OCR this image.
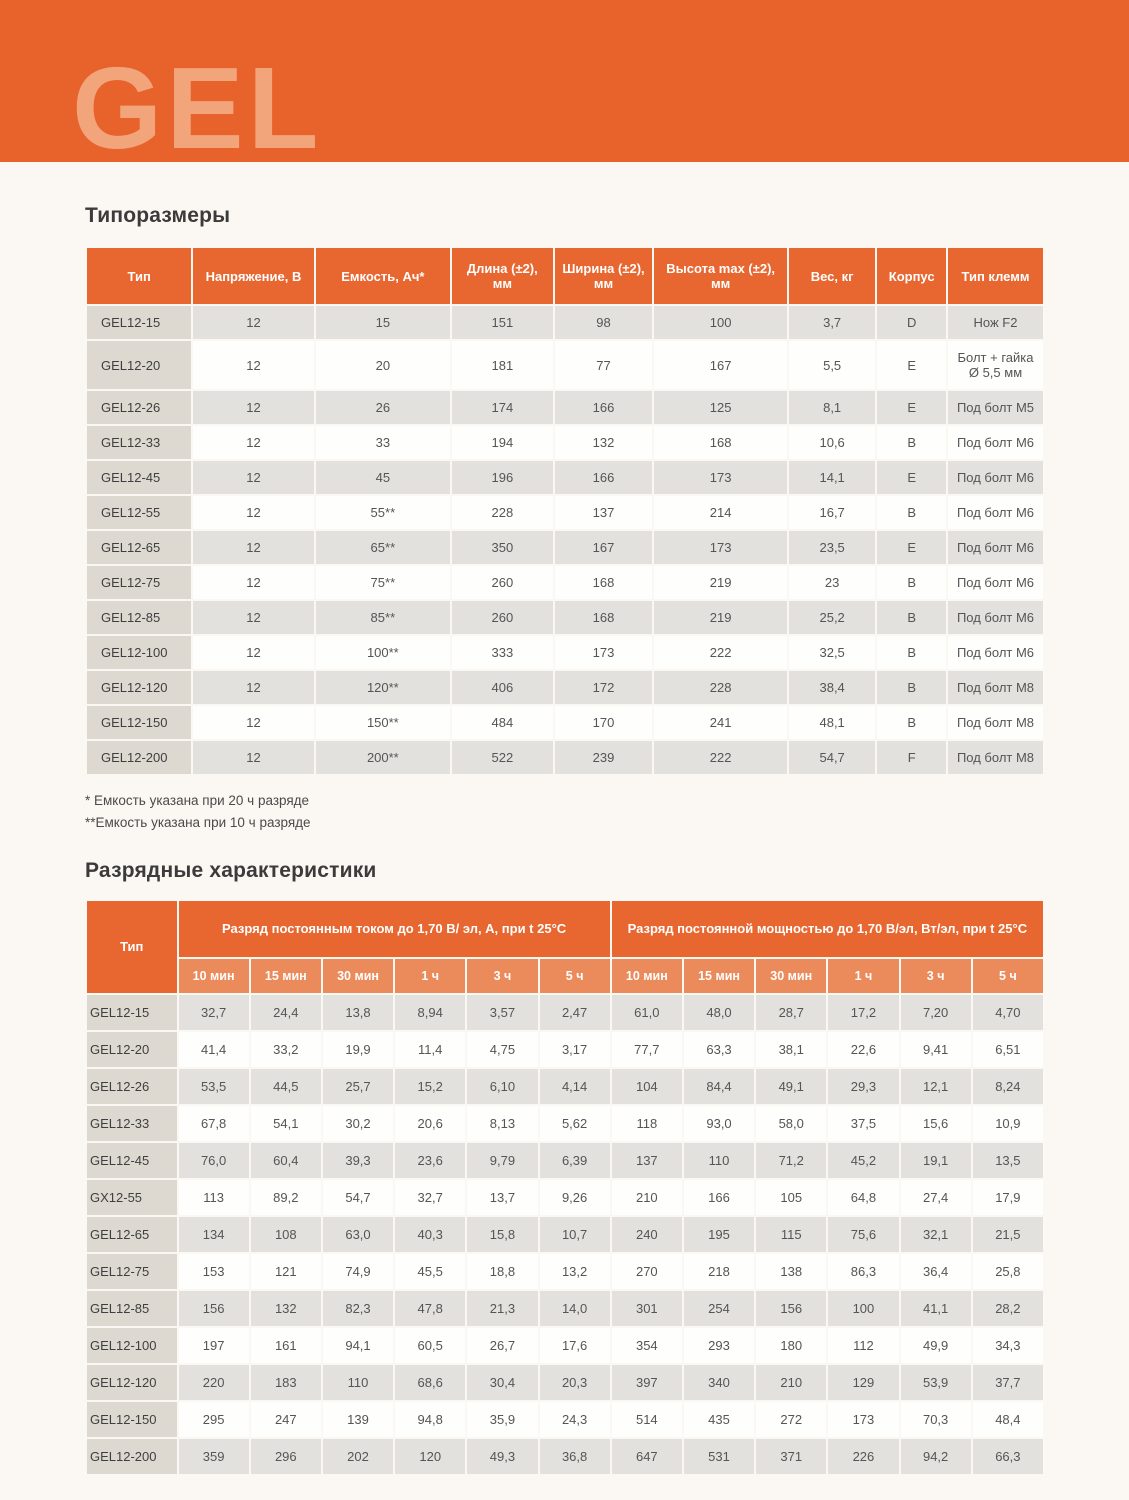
GEL
Типоразмеры
Тип	Напряжение, В	Емкость, Ач*	Длина (±2), мм	Ширина (±2), мм	Высота max (±2), мм	Вес, кг	Корпус	Тип клемм
GEL12-15	12	15	151	98	100	3,7	D	Нож F2
GEL12-20	12	20	181	77	167	5,5	E	Болт + гайка Ø 5,5 мм
GEL12-26	12	26	174	166	125	8,1	E	Под болт М5
GEL12-33	12	33	194	132	168	10,6	B	Под болт М6
GEL12-45	12	45	196	166	173	14,1	E	Под болт М6
GEL12-55	12	55**	228	137	214	16,7	B	Под болт М6
GEL12-65	12	65**	350	167	173	23,5	E	Под болт М6
GEL12-75	12	75**	260	168	219	23	B	Под болт М6
GEL12-85	12	85**	260	168	219	25,2	B	Под болт М6
GEL12-100	12	100**	333	173	222	32,5	B	Под болт М6
GEL12-120	12	120**	406	172	228	38,4	B	Под болт М8
GEL12-150	12	150**	484	170	241	48,1	B	Под болт М8
GEL12-200	12	200**	522	239	222	54,7	F	Под болт М8

* Емкость указана при 20 ч разряде

**Емкость указана при 10 ч разряде

Разрядные характеристики
Тип	Разряд постоянным током до 1,70 В/ эл, А, при t 25°C						Разряд постоянной мощностью до 1,70 В/эл, Вт/эл, при t 25°C					
	10 мин	15 мин	30 мин	1 ч	3 ч	5 ч	10 мин	15 мин	30 мин	1 ч	3 ч	5 ч
GEL12-15	32,7	24,4	13,8	8,94	3,57	2,47	61,0	48,0	28,7	17,2	7,20	4,70
GEL12-20	41,4	33,2	19,9	11,4	4,75	3,17	77,7	63,3	38,1	22,6	9,41	6,51
GEL12-26	53,5	44,5	25,7	15,2	6,10	4,14	104	84,4	49,1	29,3	12,1	8,24
GEL12-33	67,8	54,1	30,2	20,6	8,13	5,62	118	93,0	58,0	37,5	15,6	10,9
GEL12-45	76,0	60,4	39,3	23,6	9,79	6,39	137	110	71,2	45,2	19,1	13,5
GX12-55	113	89,2	54,7	32,7	13,7	9,26	210	166	105	64,8	27,4	17,9
GEL12-65	134	108	63,0	40,3	15,8	10,7	240	195	115	75,6	32,1	21,5
GEL12-75	153	121	74,9	45,5	18,8	13,2	270	218	138	86,3	36,4	25,8
GEL12-85	156	132	82,3	47,8	21,3	14,0	301	254	156	100	41,1	28,2
GEL12-100	197	161	94,1	60,5	26,7	17,6	354	293	180	112	49,9	34,3
GEL12-120	220	183	110	68,6	30,4	20,3	397	340	210	129	53,9	37,7
GEL12-150	295	247	139	94,8	35,9	24,3	514	435	272	173	70,3	48,4
GEL12-200	359	296	202	120	49,3	36,8	647	531	371	226	94,2	66,3
